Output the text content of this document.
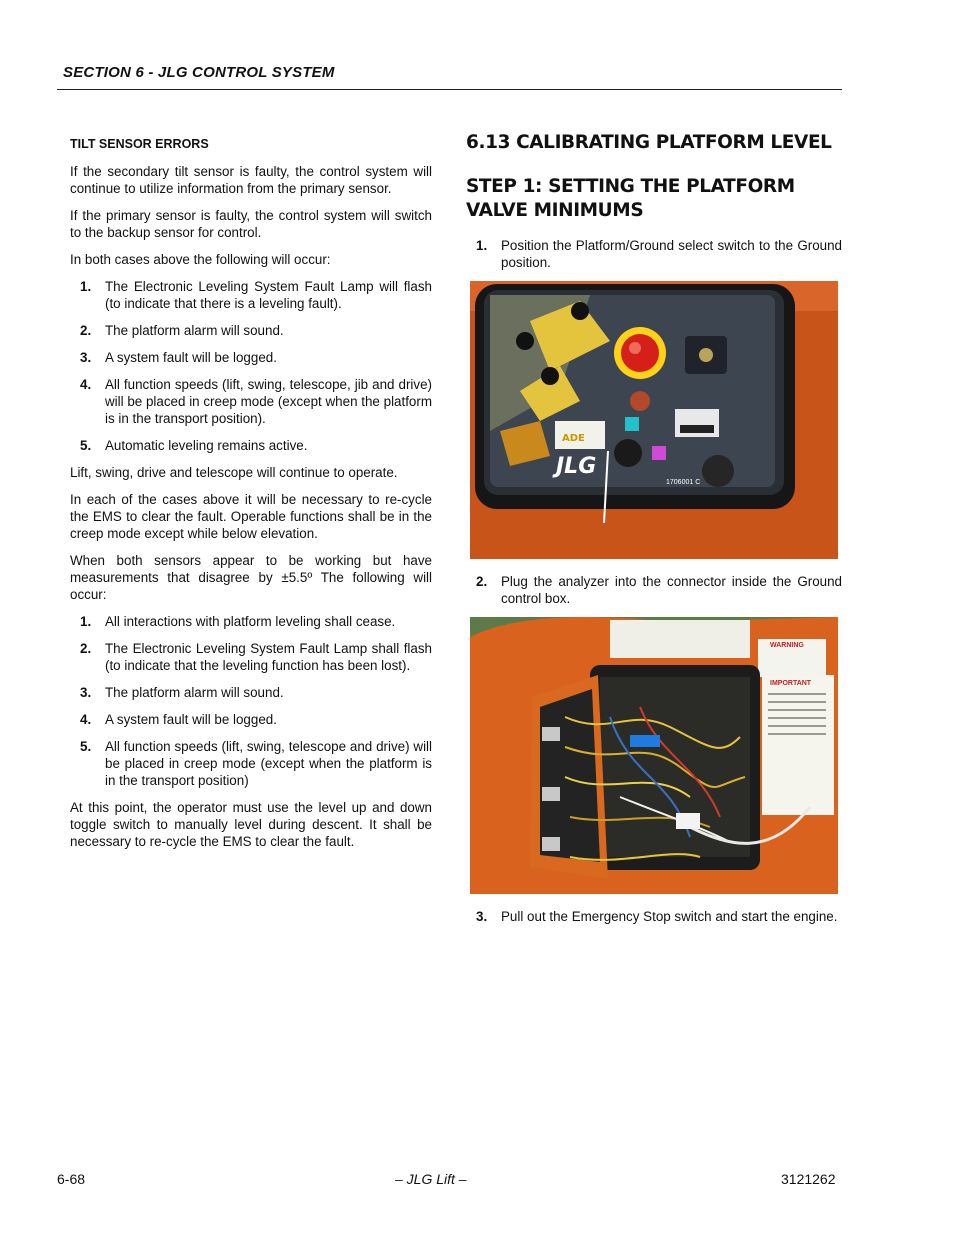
SECTION 6 - JLG CONTROL SYSTEM
TILT SENSOR ERRORS

If the secondary tilt sensor is faulty, the control system will continue to utilize information from the primary sensor.

If the primary sensor is faulty, the control system will switch to the backup sensor for control.

In both cases above the following will occur:

1. The Electronic Leveling System Fault Lamp will flash (to indicate that there is a leveling fault).
2. The platform alarm will sound.
3. A system fault will be logged.
4. All function speeds (lift, swing, telescope, jib and drive) will be placed in creep mode (except when the platform is in the transport position).
5. Automatic leveling remains active.

Lift, swing, drive and telescope will continue to operate.

In each of the cases above it will be necessary to re-cycle the EMS to clear the fault. Operable functions shall be in the creep mode except while below elevation.

When both sensors appear to be working but have measurements that disagree by ±5.5º The following will occur:

1. All interactions with platform leveling shall cease.
2. The Electronic Leveling System Fault Lamp shall flash (to indicate that the leveling function has been lost).
3. The platform alarm will sound.
4. A system fault will be logged.
5. All function speeds (lift, swing, telescope and drive) will be placed in creep mode (except when the platform is in the transport position)

At this point, the operator must use the level up and down toggle switch to manually level during descent. It shall be necessary to re-cycle the EMS to clear the fault.

6.13 CALIBRATING PLATFORM LEVEL
STEP 1: SETTING THE PLATFORM VALVE MINIMUMS
1. Position the Platform/Ground select switch to the Ground position.
ADE
JLG
1706001 C
2. Plug the analyzer into the connector inside the Ground control box.
WARNING
IMPORTANT
3. Pull out the Emergency Stop switch and start the engine.
6-68	– JLG Lift –	3121262
